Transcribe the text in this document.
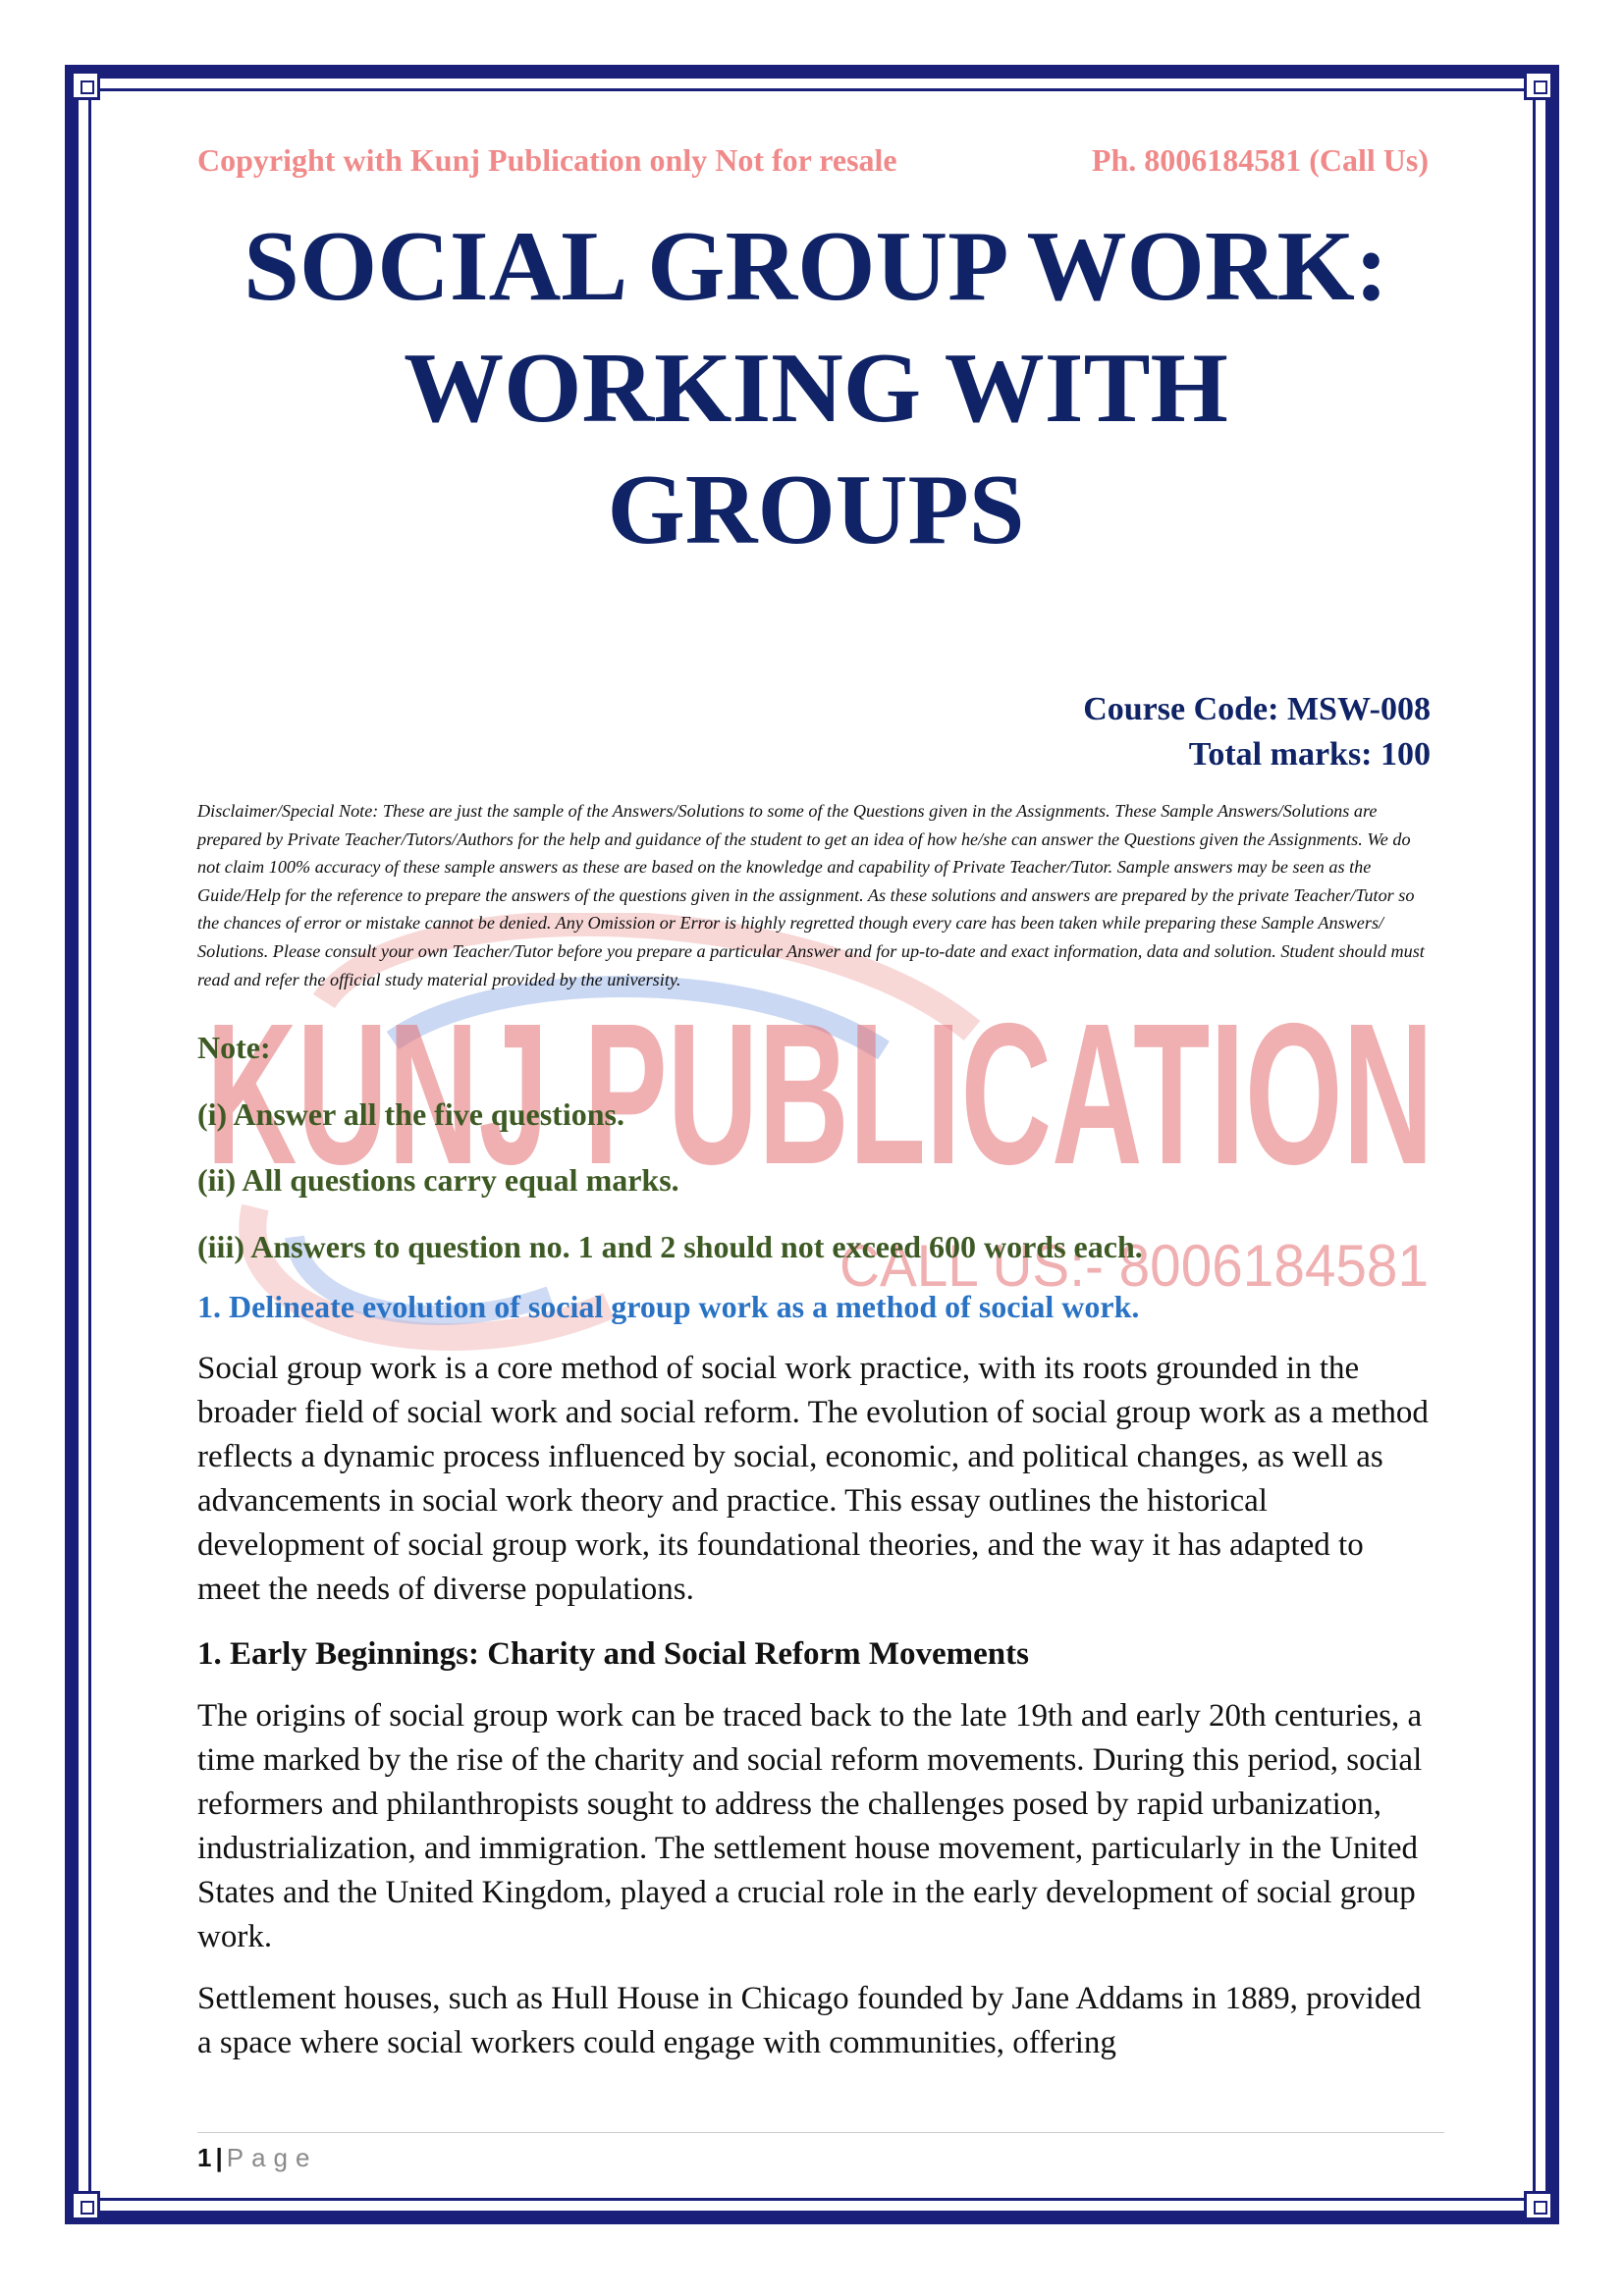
KUNJ PUBLICATION
CALL US:- 8006184581
Copyright with Kunj Publication only Not for resale	Ph. 8006184581 (Call Us)
SOCIAL GROUP WORK:
WORKING WITH
GROUPS
Course Code: MSW-008
Total marks: 100
Disclaimer/Special Note: These are just the sample of the Answers/Solutions to some of the Questions given in the Assignments. These Sample Answers/Solutions are prepared by Private Teacher/Tutors/Authors for the help and guidance of the student to get an idea of how he/she can answer the Questions given the Assignments. We do not claim 100% accuracy of these sample answers as these are based on the knowledge and capability of Private Teacher/Tutor. Sample answers may be seen as the Guide/Help for the reference to prepare the answers of the questions given in the assignment. As these solutions and answers are prepared by the private Teacher/Tutor so the chances of error or mistake cannot be denied. Any Omission or Error is highly regretted though every care has been taken while preparing these Sample Answers/ Solutions. Please consult your own Teacher/Tutor before you prepare a particular Answer and for up-to-date and exact information, data and solution. Student should must read and refer the official study material provided by the university.
Note:
(i) Answer all the five questions.
(ii) All questions carry equal marks.
(iii) Answers to question no. 1 and 2 should not exceed 600 words each.
1. Delineate evolution of social group work as a method of social work.
Social group work is a core method of social work practice, with its roots grounded in the broader field of social work and social reform. The evolution of social group work as a method reflects a dynamic process influenced by social, economic, and political changes, as well as advancements in social work theory and practice. This essay outlines the historical development of social group work, its foundational theories, and the way it has adapted to meet the needs of diverse populations.
1. Early Beginnings: Charity and Social Reform Movements
The origins of social group work can be traced back to the late 19th and early 20th centuries, a time marked by the rise of the charity and social reform movements. During this period, social reformers and philanthropists sought to address the challenges posed by rapid urbanization, industrialization, and immigration. The settlement house movement, particularly in the United States and the United Kingdom, played a crucial role in the early development of social group work.
Settlement houses, such as Hull House in Chicago founded by Jane Addams in 1889, provided a space where social workers could engage with communities, offering
1 | Page
